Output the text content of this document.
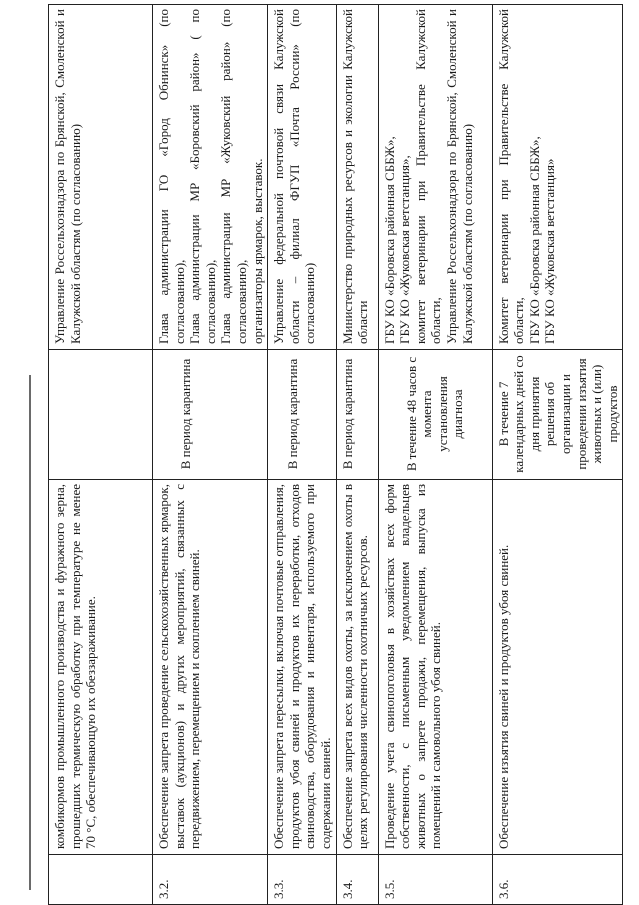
	комбикормов промышленного производства и фуражного зерна, прошедших термическую обработку при температуре не менее 70 °С, обеспечивающую их обеззараживание.		Управление Россельхознадзора по Брянской, Смоленской и Калужской областям (по согласованию)

3.2.	Обеспечение запрета проведение сельскохозяйственных ярмарок, выставок (аукционов) и других мероприятий, связанных с передвижением, перемещением и скоплением свиней.	В период карантина	Глава администрации ГО «Город Обнинск» (по согласованию), Глава администрации МР «Боровский район» ( по согласованию), Глава администрации МР «Жуковский район» (по согласованию), организаторы ярмарок, выставок.

3.3.	Обеспечение запрета пересылки, включая почтовые отправления, продуктов убоя свиней и продуктов их переработки, отходов свиноводства, оборудования и инвентаря, используемого при содержании свиней.	В период карантина	Управление федеральной почтовой связи Калужской области – филиал ФГУП «Почта России» (по согласованию)

3.4.	Обеспечение запрета всех видов охоты, за исключением охоты в целях регулирования численности охотничьих ресурсов.	В период карантина	Министерство природных ресурсов и экологии Калужской области

3.5.	Проведение учета свинопоголовья в хозяйствах всех форм собственности, с письменным уведомлением владельцев животных о запрете продажи, перемещения, выпуска из помещений и самовольного убоя свиней.	В течение 48 часов с момента установления диагноза	ГБУ КО «Боровска районная СББЖ», ГБУ КО «Жуковская ветстанция», комитет ветеринарии при Правительстве Калужской области, Управление Россельхознадзора по Брянской, Смоленской и Калужской областям (по согласованию)

3.6.	Обеспечение изъятия свиней и продуктов убоя свиней.	В течение 7 календарных дней со дня принятия решения об организации и проведении изъятия животных и (или) продуктов	Комитет ветеринарии при Правительстве Калужской области, ГБУ КО «Боровска районная СББЖ», ГБУ КО «Жуковская ветстанция»
